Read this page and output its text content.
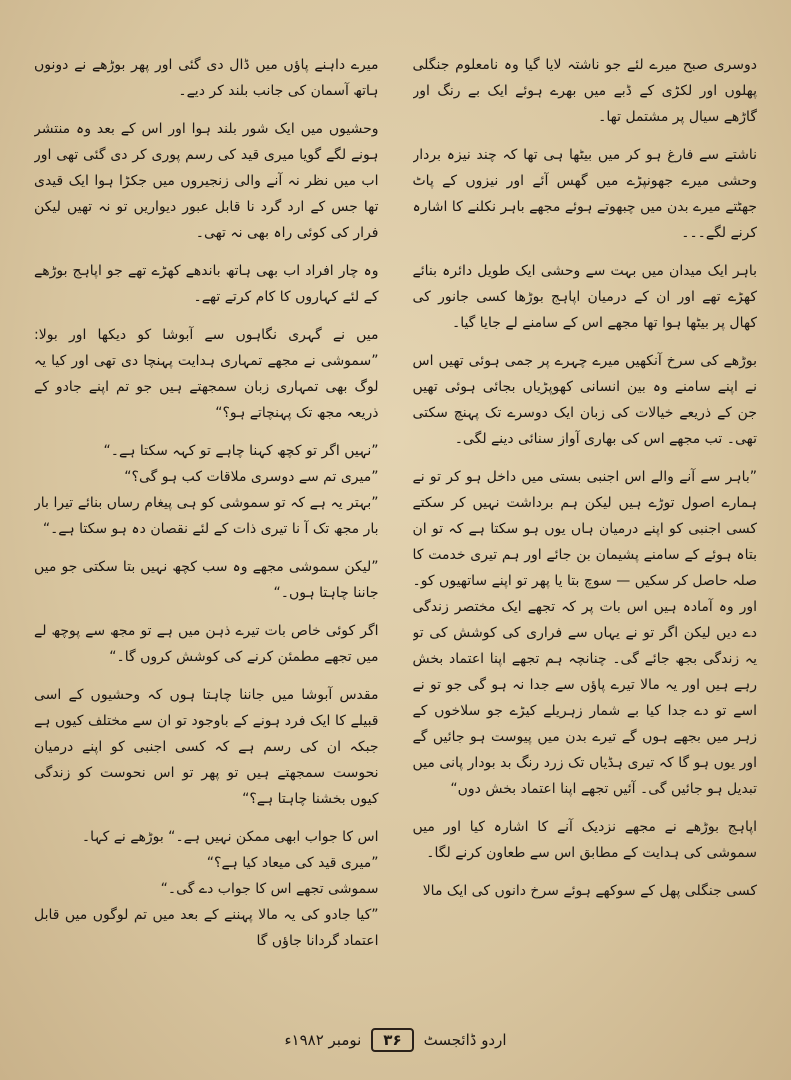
دوسری صبح میرے لئے جو ناشتہ لایا گیا وہ نامعلوم جنگلی پھلوں اور لکڑی کے ڈبے میں بھرے ہوئے ایک بے رنگ اور گاڑھے سیال پر مشتمل تھا۔

ناشتے سے فارغ ہو کر میں بیٹھا ہی تھا کہ چند نیزہ بردار وحشی میرے جھونپڑے میں گھس آئے اور نیزوں کے پاٹ جھٹتے میرے بدن میں چبھوتے ہوئے مجھے باہر نکلنے کا اشارہ کرنے لگے۔۔۔

باہر ایک میدان میں بہت سے وحشی ایک طویل دائرہ بنائے کھڑے تھے اور ان کے درمیان اپاہج بوڑھا کسی جانور کی کھال پر بیٹھا ہوا تھا مجھے اس کے سامنے لے جایا گیا۔

بوڑھے کی سرخ آنکھیں میرے چہرے پر جمی ہوئی تھیں اس نے اپنے سامنے وہ بین انسانی کھوپڑیاں بجائی ہوئی تھیں جن کے ذریعے خیالات کی زبان ایک دوسرے تک پہنچ سکتی تھی۔ تب مجھے اس کی بھاری آواز سنائی دینے لگی۔

”باہر سے آنے والے اس اجنبی بستی میں داخل ہو کر تو نے ہمارے اصول توڑے ہیں لیکن ہم برداشت نہیں کر سکتے کسی اجنبی کو اپنے درمیان ہاں یوں ہو سکتا ہے کہ تو ان بتاہ ہوئے کے سامنے پشیمان بن جائے اور ہم تیری خدمت کا صلہ حاصل کر سکیں — سوچ بتا یا پھر تو اپنے ساتھیوں کو۔ اور وہ آمادہ ہیں اس بات پر کہ تجھے ایک مختصر زندگی دے دیں لیکن اگر تو نے یہاں سے فراری کی کوشش کی تو یہ زندگی بجھ جائے گی۔ چنانچہ ہم تجھے اپنا اعتماد بخش رہے ہیں اور یہ مالا تیرے پاؤں سے جدا نہ ہو گی جو تو نے اسے تو دے جدا کیا بے شمار زہریلے کیڑے جو سلاخوں کے زہر میں بجھے ہوں گے تیرے بدن میں پیوست ہو جائیں گے اور یوں ہو گا کہ تیری ہڈیاں تک زرد رنگ بد بودار پانی میں تبدیل ہو جائیں گی۔ آئیں تجھے اپنا اعتماد بخش دوں“

اپاہج بوڑھے نے مجھے نزدیک آنے کا اشارہ کیا اور میں سموشی کی ہدایت کے مطابق اس سے طعاون کرنے لگا۔

کسی جنگلی پھل کے سوکھے ہوئے سرخ دانوں کی ایک مالا

میرے داہنے پاؤں میں ڈال دی گئی اور پھر بوڑھے نے دونوں ہاتھ آسمان کی جانب بلند کر دیے۔

وحشیوں میں ایک شور بلند ہوا اور اس کے بعد وہ منتشر ہونے لگے گویا میری قید کی رسم پوری کر دی گئی تھی اور اب میں نظر نہ آنے والی زنجیروں میں جکڑا ہوا ایک قیدی تھا جس کے ارد گرد نا قابل عبور دیواریں تو نہ تھیں لیکن فرار کی کوئی راہ بھی نہ تھی۔

وہ چار افراد اب بھی ہاتھ باندھے کھڑے تھے جو اپاہج بوڑھے کے لئے کہاروں کا کام کرتے تھے۔

میں نے گہری نگاہوں سے آبوشا کو دیکھا اور بولا: ”سموشی نے مجھے تمہاری ہدایت پہنچا دی تھی اور کیا یہ لوگ بھی تمہاری زبان سمجھتے ہیں جو تم اپنے جادو کے ذریعہ مجھ تک پہنچاتے ہو؟“

”نہیں اگر تو کچھ کہنا چاہے تو کہہ سکتا ہے۔“

”میری تم سے دوسری ملاقات کب ہو گی؟“

”بہتر یہ ہے کہ تو سموشی کو ہی پیغام رساں بنائے تیرا بار بار مجھ تک آ نا تیری ذات کے لئے نقصان دہ ہو سکتا ہے۔“

”لیکن سموشی مجھے وہ سب کچھ نہیں بتا سکتی جو میں جاننا چاہتا ہوں۔“

اگر کوئی خاص بات تیرے ذہن میں ہے تو مجھ سے پوچھ لے میں تجھے مطمئن کرنے کی کوشش کروں گا۔“

مقدس آبوشا میں جاننا چاہتا ہوں کہ وحشیوں کے اسی قبیلے کا ایک فرد ہونے کے باوجود تو ان سے مختلف کیوں ہے جبکہ ان کی رسم ہے کہ کسی اجنبی کو اپنے درمیان نحوست سمجھتے ہیں تو پھر تو اس نحوست کو زندگی کیوں بخشنا چاہتا ہے؟“

اس کا جواب ابھی ممکن نہیں ہے۔“ بوڑھے نے کہا۔

”میری قید کی میعاد کیا ہے؟“

سموشی تجھے اس کا جواب دے گی۔“

”کیا جادو کی یہ مالا پہننے کے بعد میں تم لوگوں میں قابل اعتماد گردانا جاؤں گا

اردو ڈائجسٹ
۳۶
نومبر ۱۹۸۲ء
